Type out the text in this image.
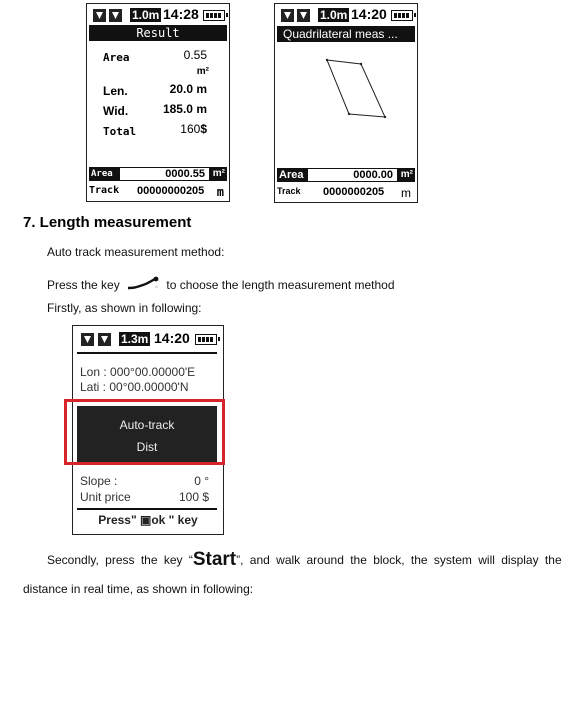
1.0m 14:28
Result
Area	0.55
m²
Len.	20.0 m
Wid.	185.0 m
Total	160$
Area	0000.55 m²
Track 00000000205 m
1.0m 14:20
Quadrilateral meas ...
Area	0000.00 m²
Track 0000000205 m
7. Length measurement
Auto track measurement method:
Press the key	to choose the length measurement method
Firstly, as shown in following:
1.3m 14:20
Lon : 000°00.00000'E
Lati : 00°00.00000'N
Auto-track
Dist
Slope :	0 °
Unit price	100 $
Press" ▣ok " key
Secondly, press the key “Start”, and walk around the block, the system will display the
distance in real time, as shown in following:
